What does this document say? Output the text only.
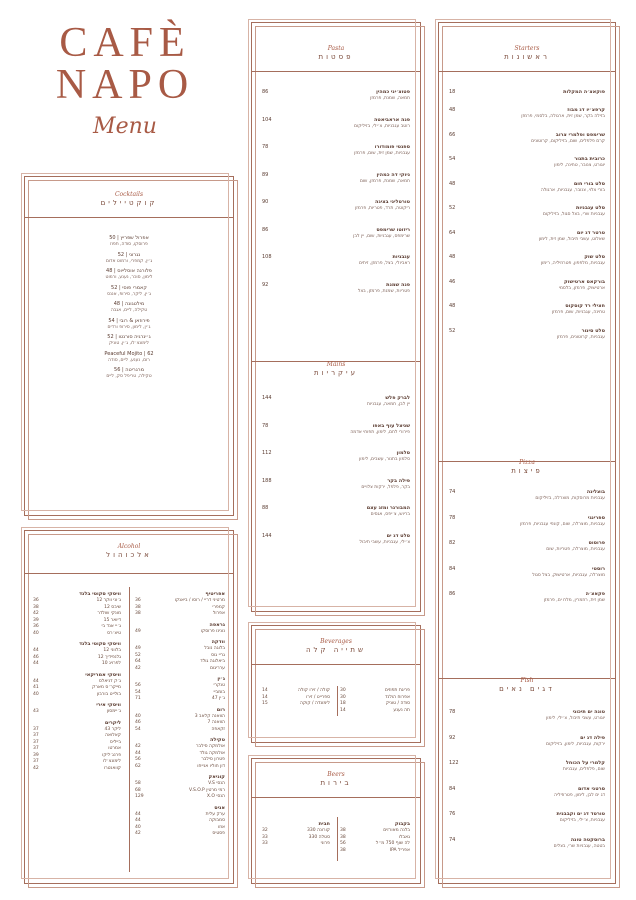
CAFÈ
NAPO
Menu
Starters
ראשונות
פוקאצ׳ה המקלות
18
קרפצ׳יו דג מבוז
בזילה בקר, שמן זית, ארגולה, בלסמי, פרמזן
48
שרימפס ופלמרי צרוב
קרם פלפלים, שום, בזיליקום, קרוטונים
66
כרובית בתנור
יוגורט, צנובר, טחינה, לימון
54
סלט בורי חום
בורי צלוי, צנובר, עגבניות, ארגולה
48
סלט עגבניות
עגבניות שרי, בצל סגול, בזיליקום
52
טרטר דג יום
שאלוט, עשבי תיבול, שמן זית, לימון
64
סלט שוק
עגבניות, מלפפון, פטרוזיליה, רימון
48
בורקאס ארטישוק
ארטישוק, פרמזן, בלסמי
46
חצילי רד קוסקוס
טחינה, עגבניות, שום, פרמזן
48
סלט סינור
עגבניות, קרוטונים, פרמזן
52
Pizza
פיצות
בוצלינה
עגבניות מרוסקות, מוצרלה, בזיליקום
74
ספרינגי
עגבניות, מוצרלה, שום, קונפי עגבניות, פרמזן
78
פרוסוס
עגבניות, מוצרלה, פטריות, שום
82
רוסטי
מוצרלה, עגבניות, ארטישוק, בצל סגול
84
פקאצ׳ה
שמן זית, רוזמרין, מלח ים, פרמזן
86
Fish
דגים נאים
טונה ים תיכוני
יוגורט, עשבי תיבול, צ׳ילי, לימון
78
פילה דג ים
ירקות, עגבניות, לימון, בזיליקום
92
קלמרי על הכוחל
שום, פלפלים, עגבניות
122
סרטני אדום
דג ים לבן, לימון, פטרוזיליה
84
טורטד דג ים וקבבנית
עגבניות, צ׳ילי, בזיליקום
76
ברוסקטה טונה
בטטה, עגבניות שרי, בצלים
74
Pasta
פסטות
פטוצ׳יני כמהין
חמאה, שמנת, פרמזן
86
פנה אראביאטה
רוטב עגבניות, צ׳ילי, בזיליקום
104
ספגטי פומודורו
עגבניות, שמן זית, שום, פרמזן
78
ניוקי דה כמהין
חמאה, שמנת, פרמזן, שום
89
טורטליני בציגה
ריקוטה, תרד, פטריות, פרמזן
90
ריזוטו שרימפס
שרימפס, עגבניות, שום, יין לבן
86
עגבניות
ראביולי, בצל, פרמזן, זיתים
108
פנה שמנת
פטריות, שמנת, פרמזן, בצל
92
Mains
עיקריות
לברק פלש
יין לבן, חמאה, עגבניות
144
שניצל עוף באפו
פירורי לחם, לימון, תפוחי אדמה
78
סלמון
סלמון בתנור, עשבים, לימון
112
פילה בקר
בקר, פלפל, ירקות צלויים
188
המבורגר ומזג עצם
בריוש, צ׳יפס, אגסים
88
סלט דג ים
צ׳ילי, עגבניות, עשבי תיבול
144
Beverages
שתייה קלה
פריגת תפוזים
30
אפרוח הולנד
30
סודה / טוניק
18
תה נענע
14
קולה / זירו קולה
14
ספרייט / זירו
14
לימונדה / קוקה
15
Beers
בירות
בקבוק
בלנה מאורזים
38
גאבלו
38
לה שוף 750 מ״ל
56
אפריל IPA
38
חבית
קורונה 330
32
סטלה 330
33
פרוני
33
Cocktails
קוקטיילים
אפרול שפריץ | 50
פרוסקו, סודה, תפוז
נגרוני | 52
ג׳ין, קמפרי, ורמוט אדום
פלורנה אוסלייוס | 48
לימון, סוכר, נענע, ורמוט
קאמרי פוסי | 52
ג׳ין, ליקר, סירופ, אננס
מילטגונה | 48
טקילה, ליים, אגבה
פירוזאן & רובי | 54
ג׳ין, לימון, סירופ ורדים
ג׳ינרגיה סורנטו | 52
לימונצ׳לו, ג׳ין, טוניק
62 | Peaceful Mojito
רום, נענע, ליים, סודה
מרגריטה | 56
טקילה, טריפל סק, ליים
Alcohol
אלכוהול
אפריטיף
מרטיני דריי / רוסו / ביאנקו
36
קמפרי
38
אפרול
38
גראפה
נונינו פרוסקו
49
וודקה
בלוגה נובל
49
גריי גוס
52
ביאלוגה גולד
64
ערריגום
42
ג׳ין
טנקרי
56
בומביי
54
ג׳ין 47
71
רום
הוואנה קלאב 3
40
הוואנה 7
46
זקאפה
54
טקילה
אולמקה סילבר
42
אולמקה גולד
44
פטרון סילבר
56
דון חוליו אנייחו
62
קוניאק
הנסי V.S
58
רמי מרטין V.S.O.P
68
הנסי X.O
129
אניס
ערק עלית
44
סמבוקה
44
אוזו
40
פסטיס
42
וויסקי סקוטי בלנד
ג׳וני ווקר 12
36
שיבס 12
38
מונקי שולדר
42
דיואר 15
39
ג׳יי אנד בי
36
טיצ׳רס
40
וויסקי סקוטי בלנד
בלווני 12
44
גלנפידיך 12
46
לפרויג 10
44
וויסקי אמריקאי
ג׳ק דניאלס
44
מייקר׳ס מארק
41
בולייט בורבון
40
וויסקי אירי
ג׳יימסון
43
ליקרים
ליקר 43
37
קאלואה
37
בייליס
37
אמרטו
37
פרנג׳ליקו
39
לימונצ׳לו
37
קוואנטרו
42
